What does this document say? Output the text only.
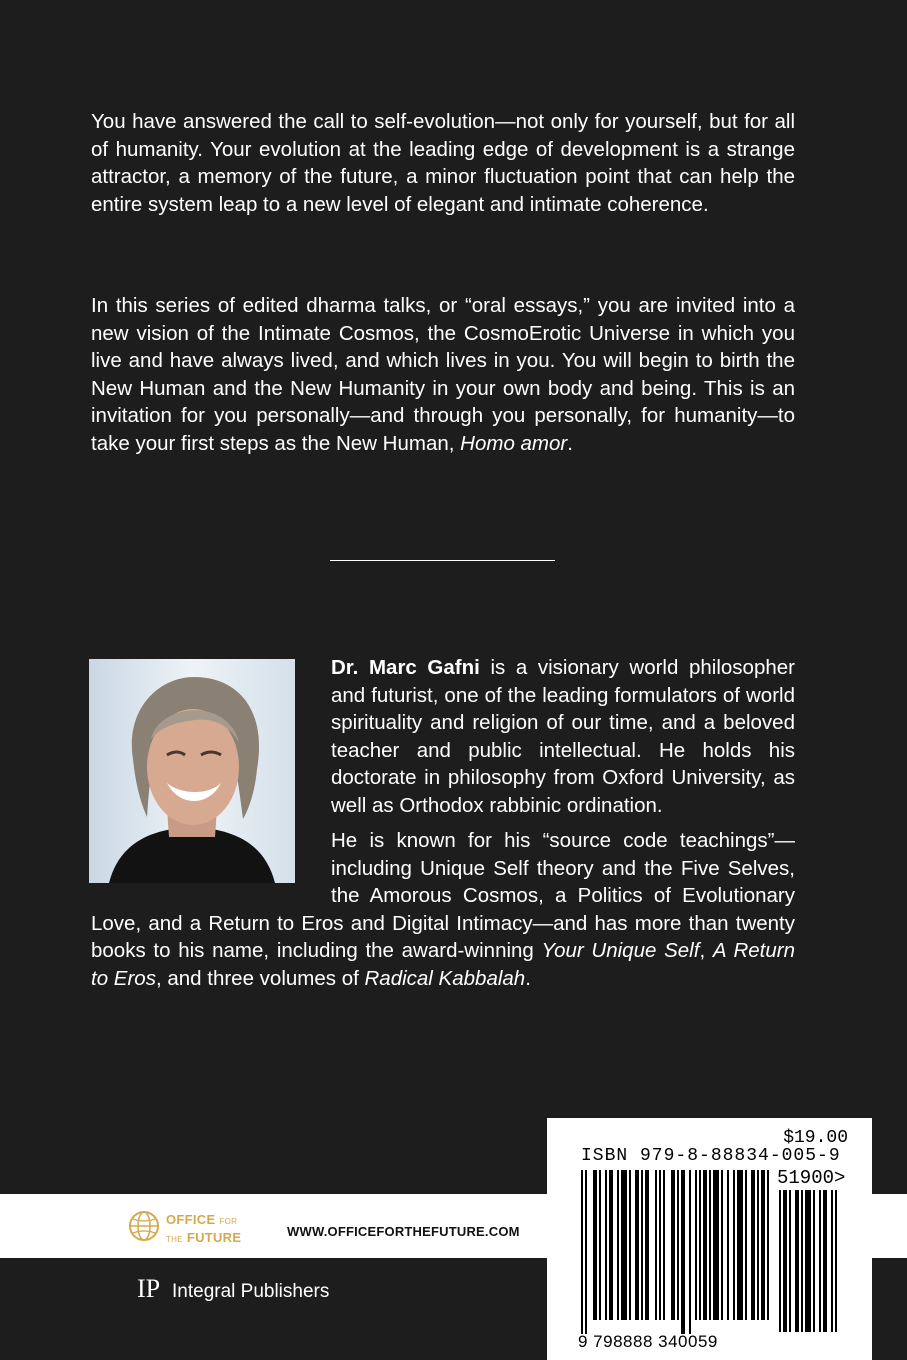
You have answered the call to self-evolution—not only for yourself, but for all of humanity. Your evolution at the leading edge of development is a strange attractor, a memory of the future, a minor fluctuation point that can help the entire system leap to a new level of elegant and intimate coherence.

In this series of edited dharma talks, or “oral essays,” you are invited into a new vision of the Intimate Cosmos, the CosmoErotic Universe in which you live and have always lived, and which lives in you. You will begin to birth the New Human and the New Humanity in your own body and being. This is an invitation for you personally—and through you personally, for humanity—to take your first steps as the New Human, Homo amor.

Dr. Marc Gafni is a visionary world philosopher and futurist, one of the leading formulators of world spirituality and religion of our time, and a beloved teacher and public intellectual. He holds his doctorate in philosophy from Oxford University, as well as Orthodox rabbinic ordination.

He is known for his “source code teachings”—including Unique Self theory and the Five Selves, the Amorous Cosmos, a Politics of Evolutionary Love, and a Return to Eros and Digital Intimacy—and has more than twenty books to his name, including the award-winning Your Unique Self, A Return to Eros, and three volumes of Radical Kabbalah.

OFFICE FOR
THE FUTURE	WWW.OFFICEFORTHEFUTURE.COM
IP Integral Publishers
$19.00
ISBN 979-8-88834-005-9
51900>
9 798888 340059
